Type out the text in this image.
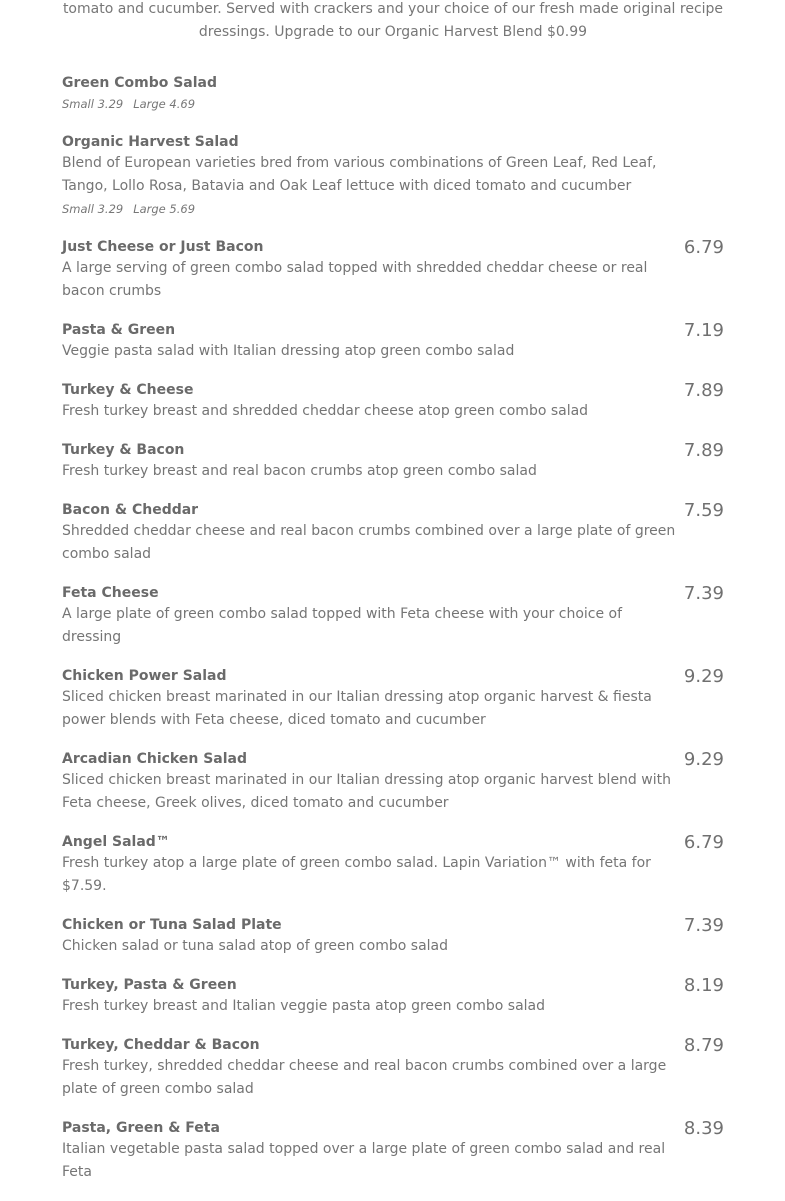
tomato and cucumber. Served with crackers and your choice of our fresh made original recipe dressings. Upgrade to our Organic Harvest Blend $0.99

Green Combo Salad

Small 3.29 Large 4.69

Organic Harvest Salad

Blend of European varieties bred from various combinations of Green Leaf, Red Leaf, Tango, Lollo Rosa, Batavia and Oak Leaf lettuce with diced tomato and cucumber

Small 3.29 Large 5.69

Just Cheese or Just Bacon

A large serving of green combo salad topped with shredded cheddar cheese or real bacon crumbs

6.79

Pasta & Green

Veggie pasta salad with Italian dressing atop green combo salad

7.19

Turkey & Cheese

Fresh turkey breast and shredded cheddar cheese atop green combo salad

7.89

Turkey & Bacon

Fresh turkey breast and real bacon crumbs atop green combo salad

7.89

Bacon & Cheddar

Shredded cheddar cheese and real bacon crumbs combined over a large plate of green combo salad

7.59

Feta Cheese

A large plate of green combo salad topped with Feta cheese with your choice of dressing

7.39

Chicken Power Salad

Sliced chicken breast marinated in our Italian dressing atop organic harvest & fiesta power blends with Feta cheese, diced tomato and cucumber

9.29

Arcadian Chicken Salad

Sliced chicken breast marinated in our Italian dressing atop organic harvest blend with Feta cheese, Greek olives, diced tomato and cucumber

9.29

Angel Salad™

Fresh turkey atop a large plate of green combo salad. Lapin Variation™ with feta for $7.59.

6.79

Chicken or Tuna Salad Plate

Chicken salad or tuna salad atop of green combo salad

7.39

Turkey, Pasta & Green

Fresh turkey breast and Italian veggie pasta atop green combo salad

8.19

Turkey, Cheddar & Bacon

Fresh turkey, shredded cheddar cheese and real bacon crumbs combined over a large plate of green combo salad

8.79

Pasta, Green & Feta

Italian vegetable pasta salad topped over a large plate of green combo salad and real Feta

8.39
